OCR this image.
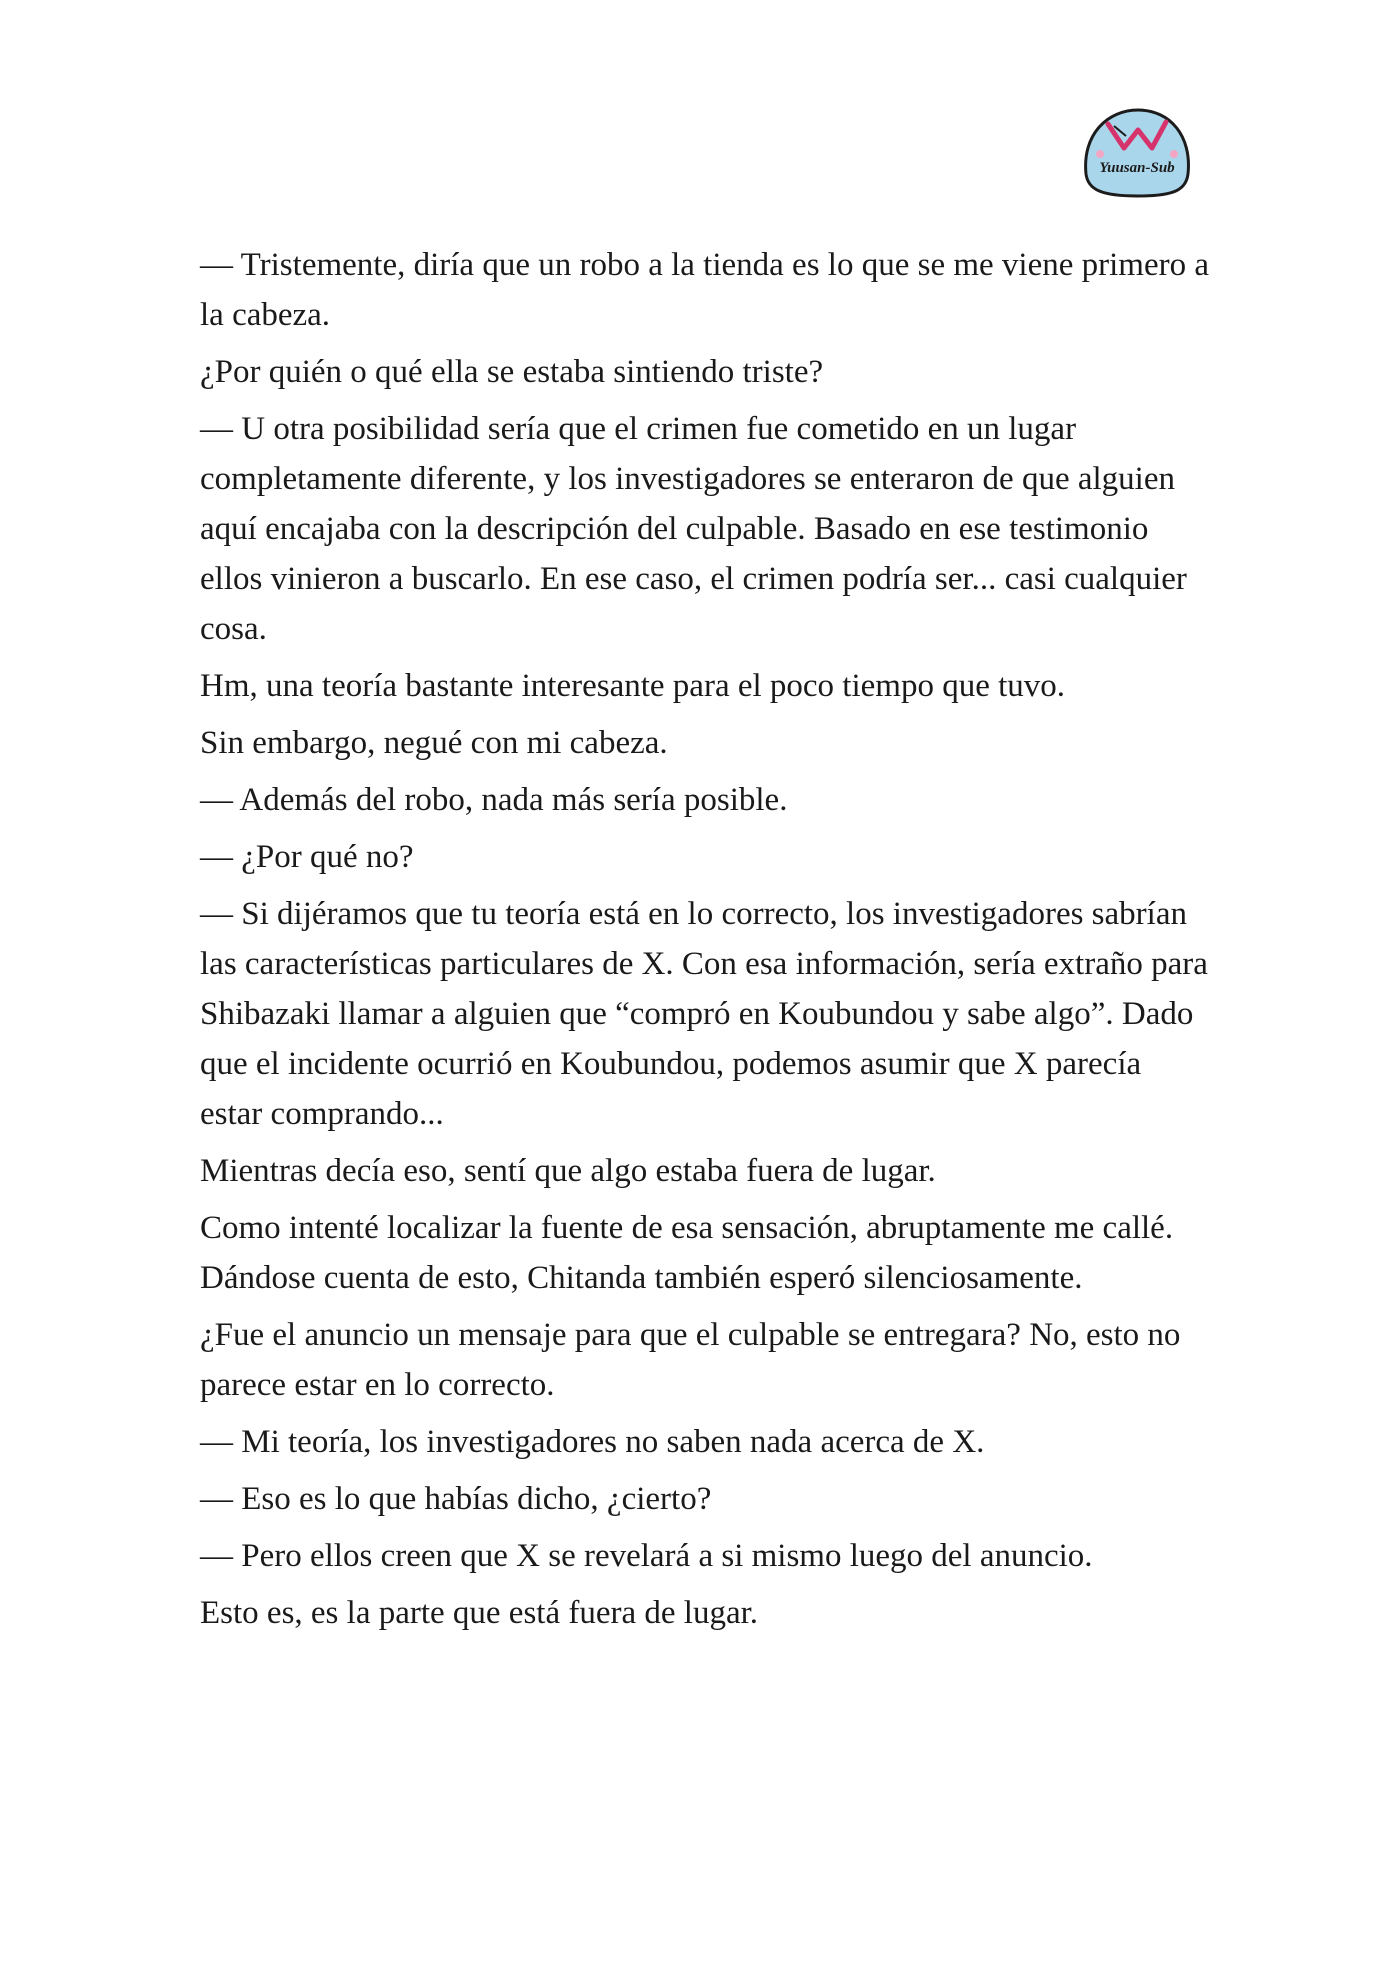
Yuusan-Sub

— Tristemente, diría que un robo a la tienda es lo que se me viene primero a la cabeza.

¿Por quién o qué ella se estaba sintiendo triste?

— U otra posibilidad sería que el crimen fue cometido en un lugar completamente diferente, y los investigadores se enteraron de que alguien aquí encajaba con la descripción del culpable. Basado en ese testimonio ellos vinieron a buscarlo. En ese caso, el crimen podría ser... casi cualquier cosa.

Hm, una teoría bastante interesante para el poco tiempo que tuvo.

Sin embargo, negué con mi cabeza.

— Además del robo, nada más sería posible.

— ¿Por qué no?

— Si dijéramos que tu teoría está en lo correcto, los investigadores sabrían las características particulares de X. Con esa información, sería extraño para Shibazaki llamar a alguien que “compró en Koubundou y sabe algo”. Dado que el incidente ocurrió en Koubundou, podemos asumir que X parecía estar comprando...

Mientras decía eso, sentí que algo estaba fuera de lugar.

Como intenté localizar la fuente de esa sensación, abruptamente me callé. Dándose cuenta de esto, Chitanda también esperó silenciosamente.

¿Fue el anuncio un mensaje para que el culpable se entregara? No, esto no parece estar en lo correcto.

— Mi teoría, los investigadores no saben nada acerca de X.

— Eso es lo que habías dicho, ¿cierto?

— Pero ellos creen que X se revelará a si mismo luego del anuncio.

Esto es, es la parte que está fuera de lugar.
